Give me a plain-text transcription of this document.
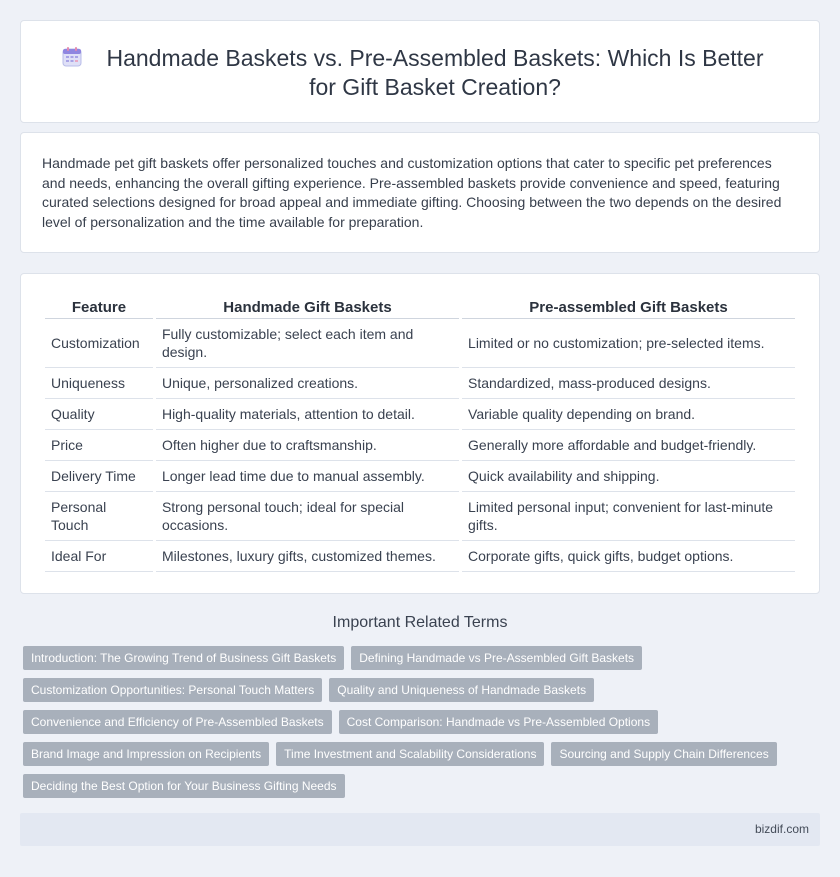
Handmade Baskets vs. Pre-Assembled Baskets: Which Is Better for Gift Basket Creation?

Handmade pet gift baskets offer personalized touches and customization options that cater to specific pet preferences and needs, enhancing the overall gifting experience. Pre-assembled baskets provide convenience and speed, featuring curated selections designed for broad appeal and immediate gifting. Choosing between the two depends on the desired level of personalization and the time available for preparation.

Feature	Handmade Gift Baskets	Pre-assembled Gift Baskets
Customization	Fully customizable; select each item and design.	Limited or no customization; pre-selected items.
Uniqueness	Unique, personalized creations.	Standardized, mass-produced designs.
Quality	High-quality materials, attention to detail.	Variable quality depending on brand.
Price	Often higher due to craftsmanship.	Generally more affordable and budget-friendly.
Delivery Time	Longer lead time due to manual assembly.	Quick availability and shipping.
Personal Touch	Strong personal touch; ideal for special occasions.	Limited personal input; convenient for last-minute gifts.
Ideal For	Milestones, luxury gifts, customized themes.	Corporate gifts, quick gifts, budget options.
Important Related Terms
Introduction: The Growing Trend of Business Gift Baskets	Defining Handmade vs Pre-Assembled Gift Baskets
Customization Opportunities: Personal Touch Matters	Quality and Uniqueness of Handmade Baskets
Convenience and Efficiency of Pre-Assembled Baskets	Cost Comparison: Handmade vs Pre-Assembled Options
Brand Image and Impression on Recipients	Time Investment and Scalability Considerations	Sourcing and Supply Chain Differences
Deciding the Best Option for Your Business Gifting Needs
bizdif.com
